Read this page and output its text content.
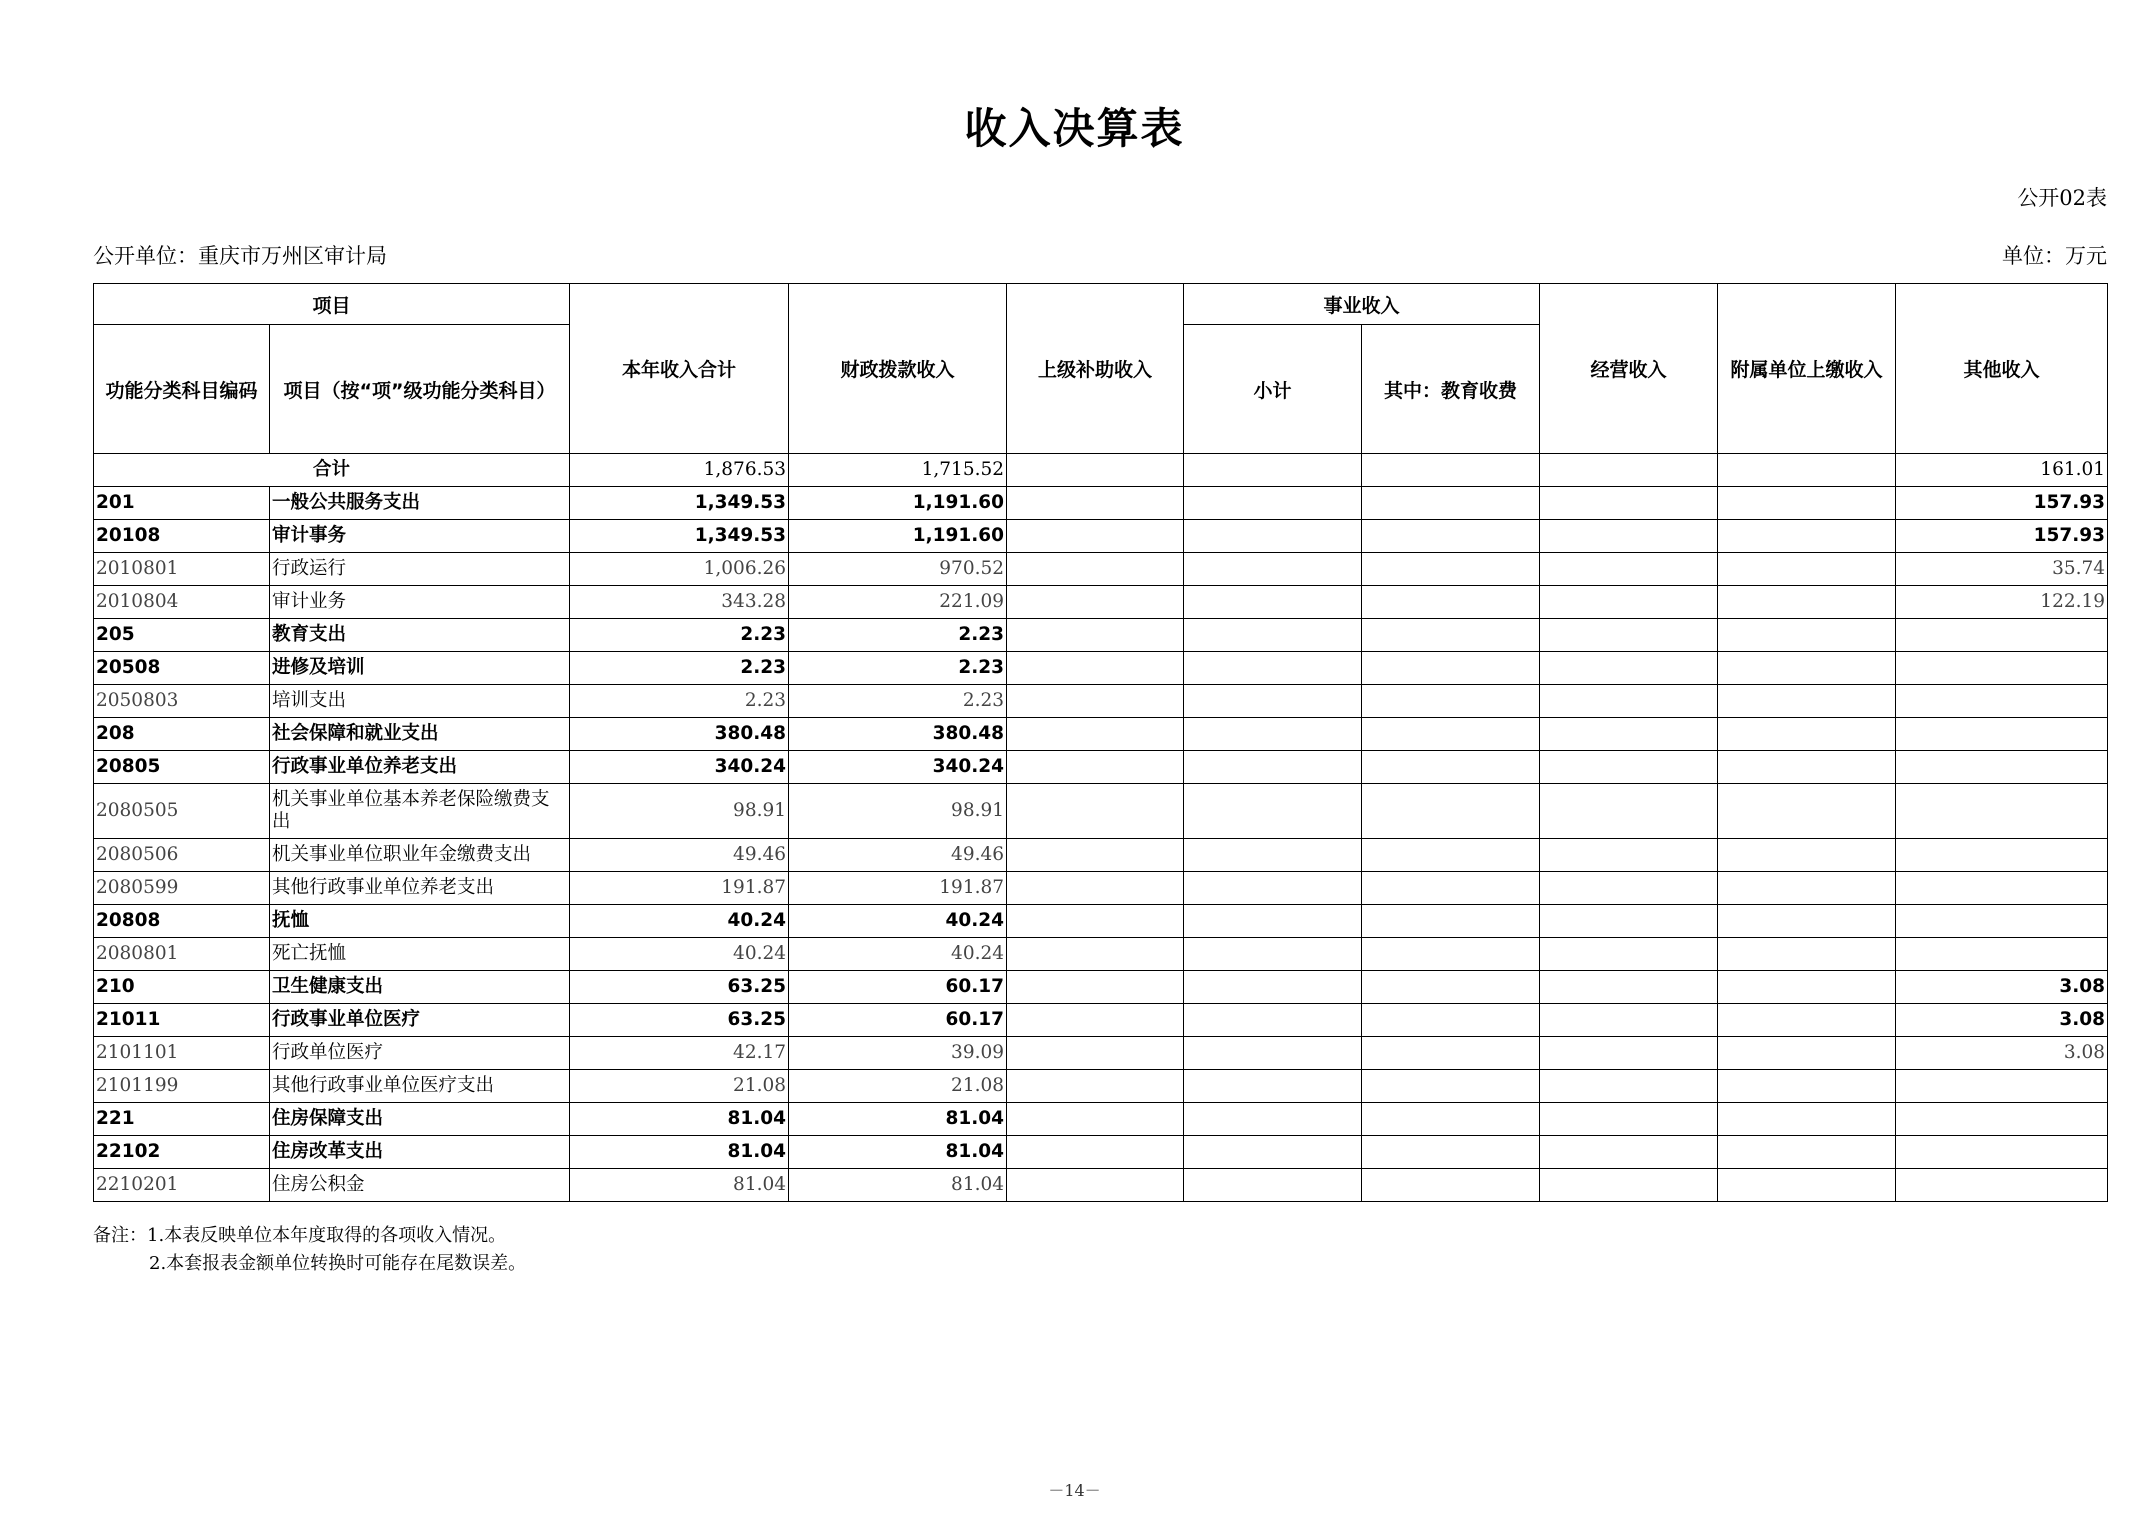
收入决算表
公开02表
公开单位：重庆市万州区审计局	单位：万元
项目		本年收入合计	财政拨款收入	上级补助收入	事业收入		经营收入	附属单位上缴收入	其他收入
功能分类科目编码	项目（按“项”级功能分类科目）				小计	其中：教育收费			
合计		1,876.53	1,715.52						161.01
201	一般公共服务支出	1,349.53	1,191.60						157.93
20108	审计事务	1,349.53	1,191.60						157.93
2010801	行政运行	1,006.26	970.52						35.74
2010804	审计业务	343.28	221.09						122.19
205	教育支出	2.23	2.23						
20508	进修及培训	2.23	2.23						
2050803	培训支出	2.23	2.23						
208	社会保障和就业支出	380.48	380.48						
20805	行政事业单位养老支出	340.24	340.24						
2080505	机关事业单位基本养老保险缴费支出	98.91	98.91						
2080506	机关事业单位职业年金缴费支出	49.46	49.46						
2080599	其他行政事业单位养老支出	191.87	191.87						
20808	抚恤	40.24	40.24						
2080801	死亡抚恤	40.24	40.24						
210	卫生健康支出	63.25	60.17						3.08
21011	行政事业单位医疗	63.25	60.17						3.08
2101101	行政单位医疗	42.17	39.09						3.08
2101199	其他行政事业单位医疗支出	21.08	21.08						
221	住房保障支出	81.04	81.04						
22102	住房改革支出	81.04	81.04						
2210201	住房公积金	81.04	81.04						
备注：1.本表反映单位本年度取得的各项收入情况。
2.本套报表金额单位转换时可能存在尾数误差。
－14－
